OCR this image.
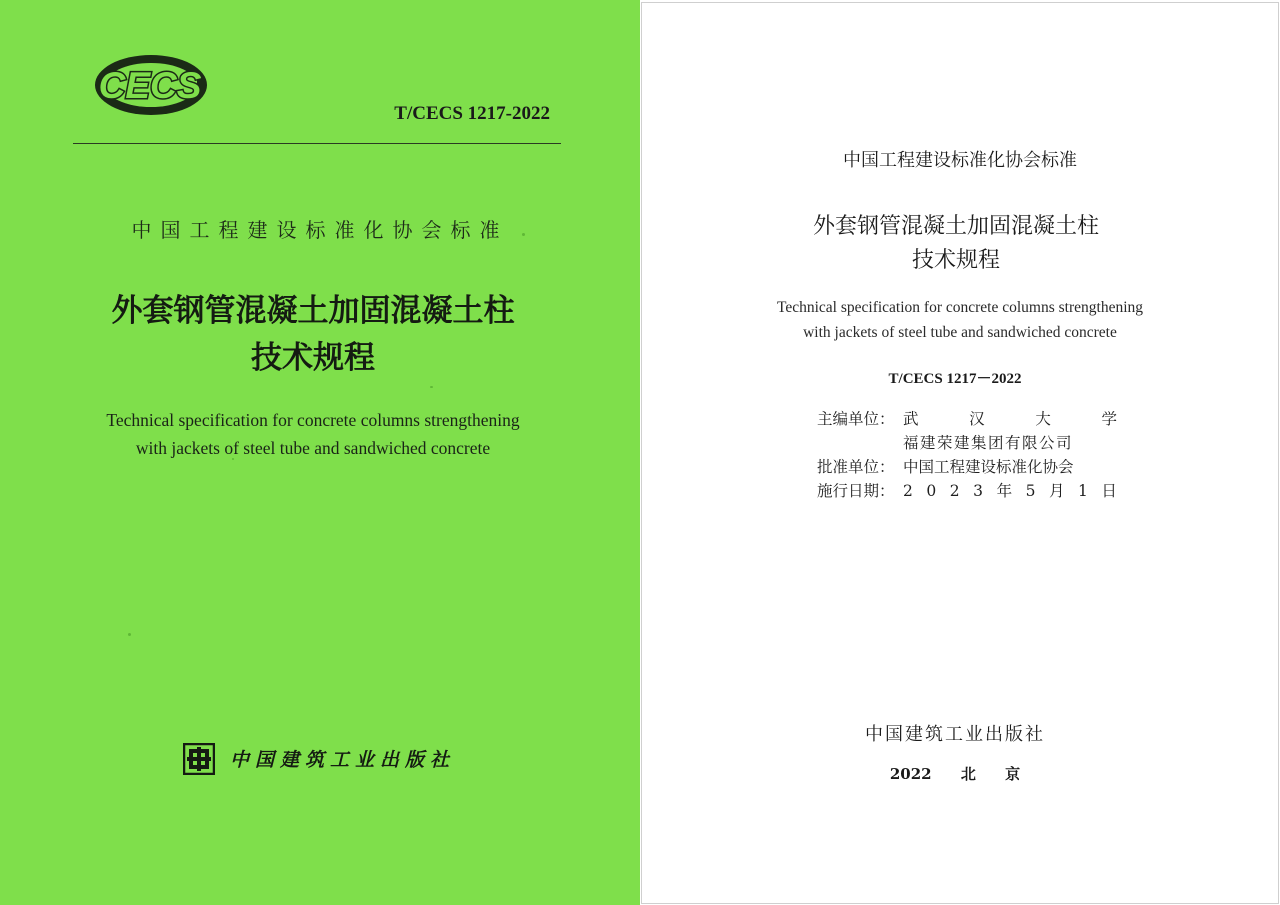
CECS
T/CECS 1217-2022
中国工程建设标准化协会标准
外套钢管混凝土加固混凝土柱
技术规程
Technical specification for concrete columns strengthening
with jackets of steel tube and sandwiched concrete
中国建筑工业出版社
中国工程建设标准化协会标准
外套钢管混凝土加固混凝土柱
技术规程
Technical specification for concrete columns strengthening
with jackets of steel tube and sandwiched concrete
T/CECS 1217－2022
主编单位： 武	汉	大	学
福建荣建集团有限公司
批准单位： 中国工程建设标准化协会
施行日期： 2 0 2 3 年 5 月 1 日
中国建筑工业出版社
2022 北 京
